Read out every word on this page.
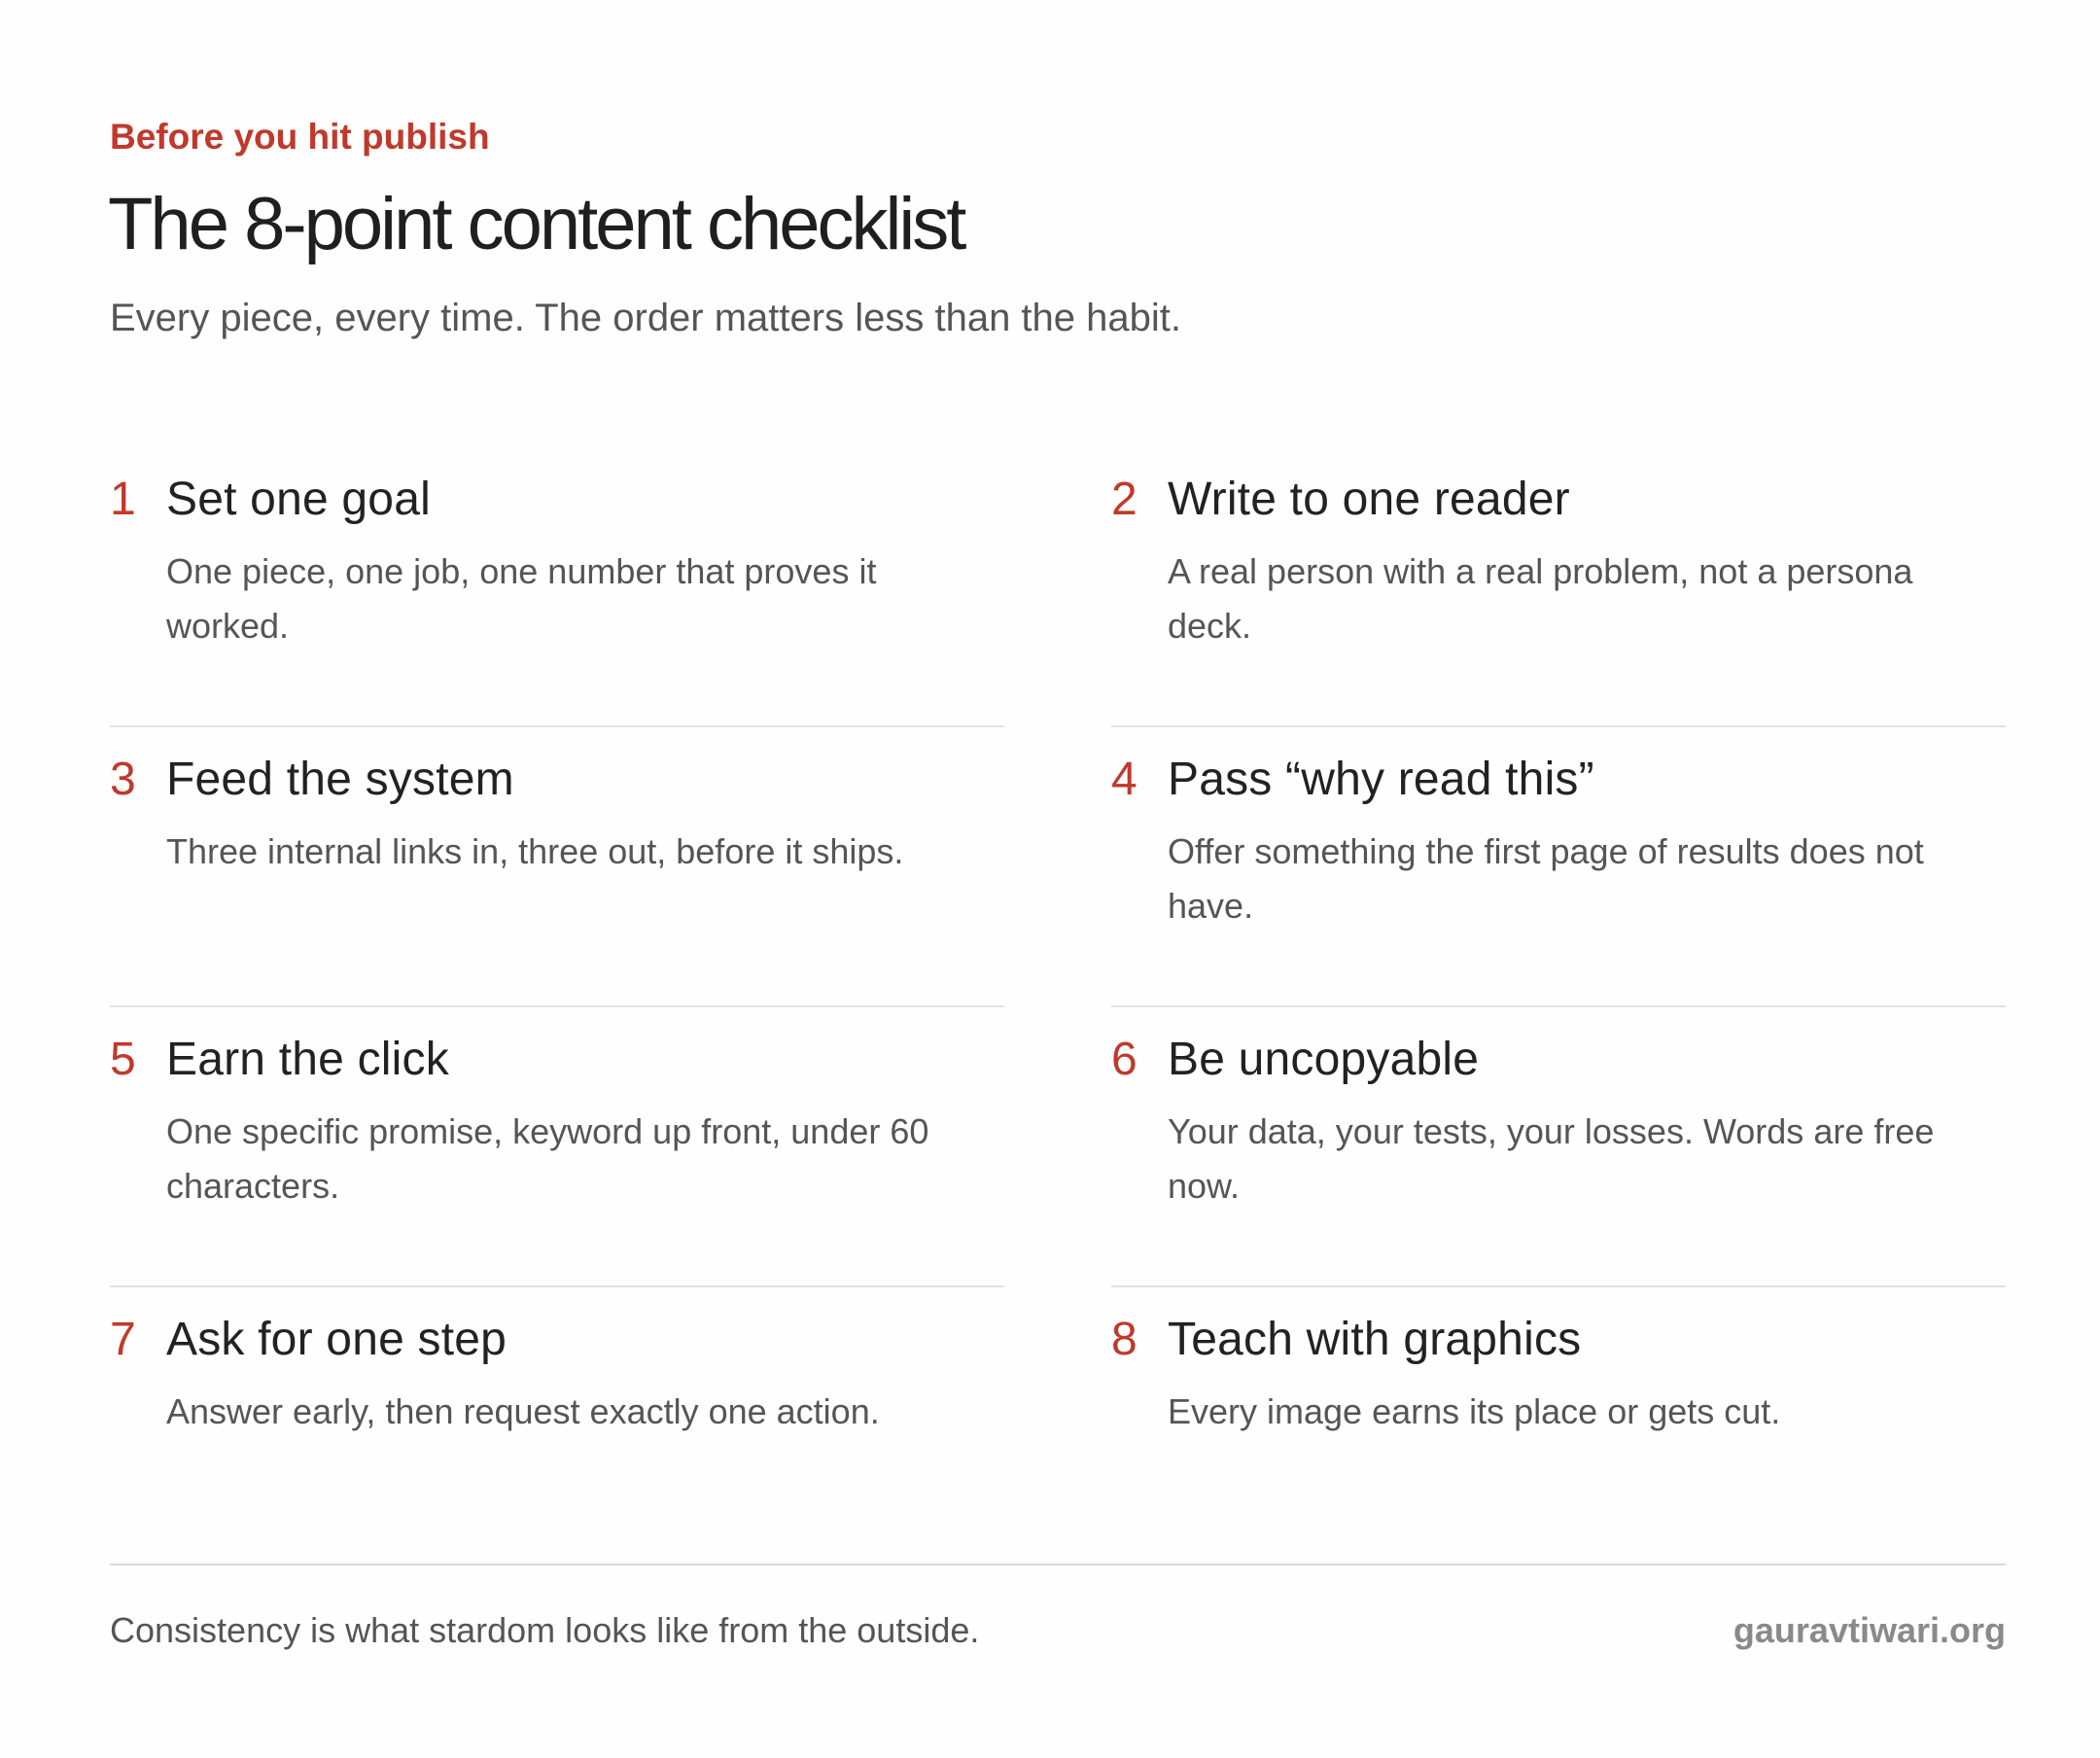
Before you hit publish
The 8-point content checklist
Every piece, every time. The order matters less than the habit.
1 Set one goal
One piece, one job, one number that proves it worked.
2 Write to one reader
A real person with a real problem, not a persona deck.
3 Feed the system
Three internal links in, three out, before it ships.
4 Pass “why read this”
Offer something the first page of results does not have.
5 Earn the click
One specific promise, keyword up front, under 60 characters.
6 Be uncopyable
Your data, your tests, your losses. Words are free now.
7 Ask for one step
Answer early, then request exactly one action.
8 Teach with graphics
Every image earns its place or gets cut.
Consistency is what stardom looks like from the outside.	gauravtiwari.org
